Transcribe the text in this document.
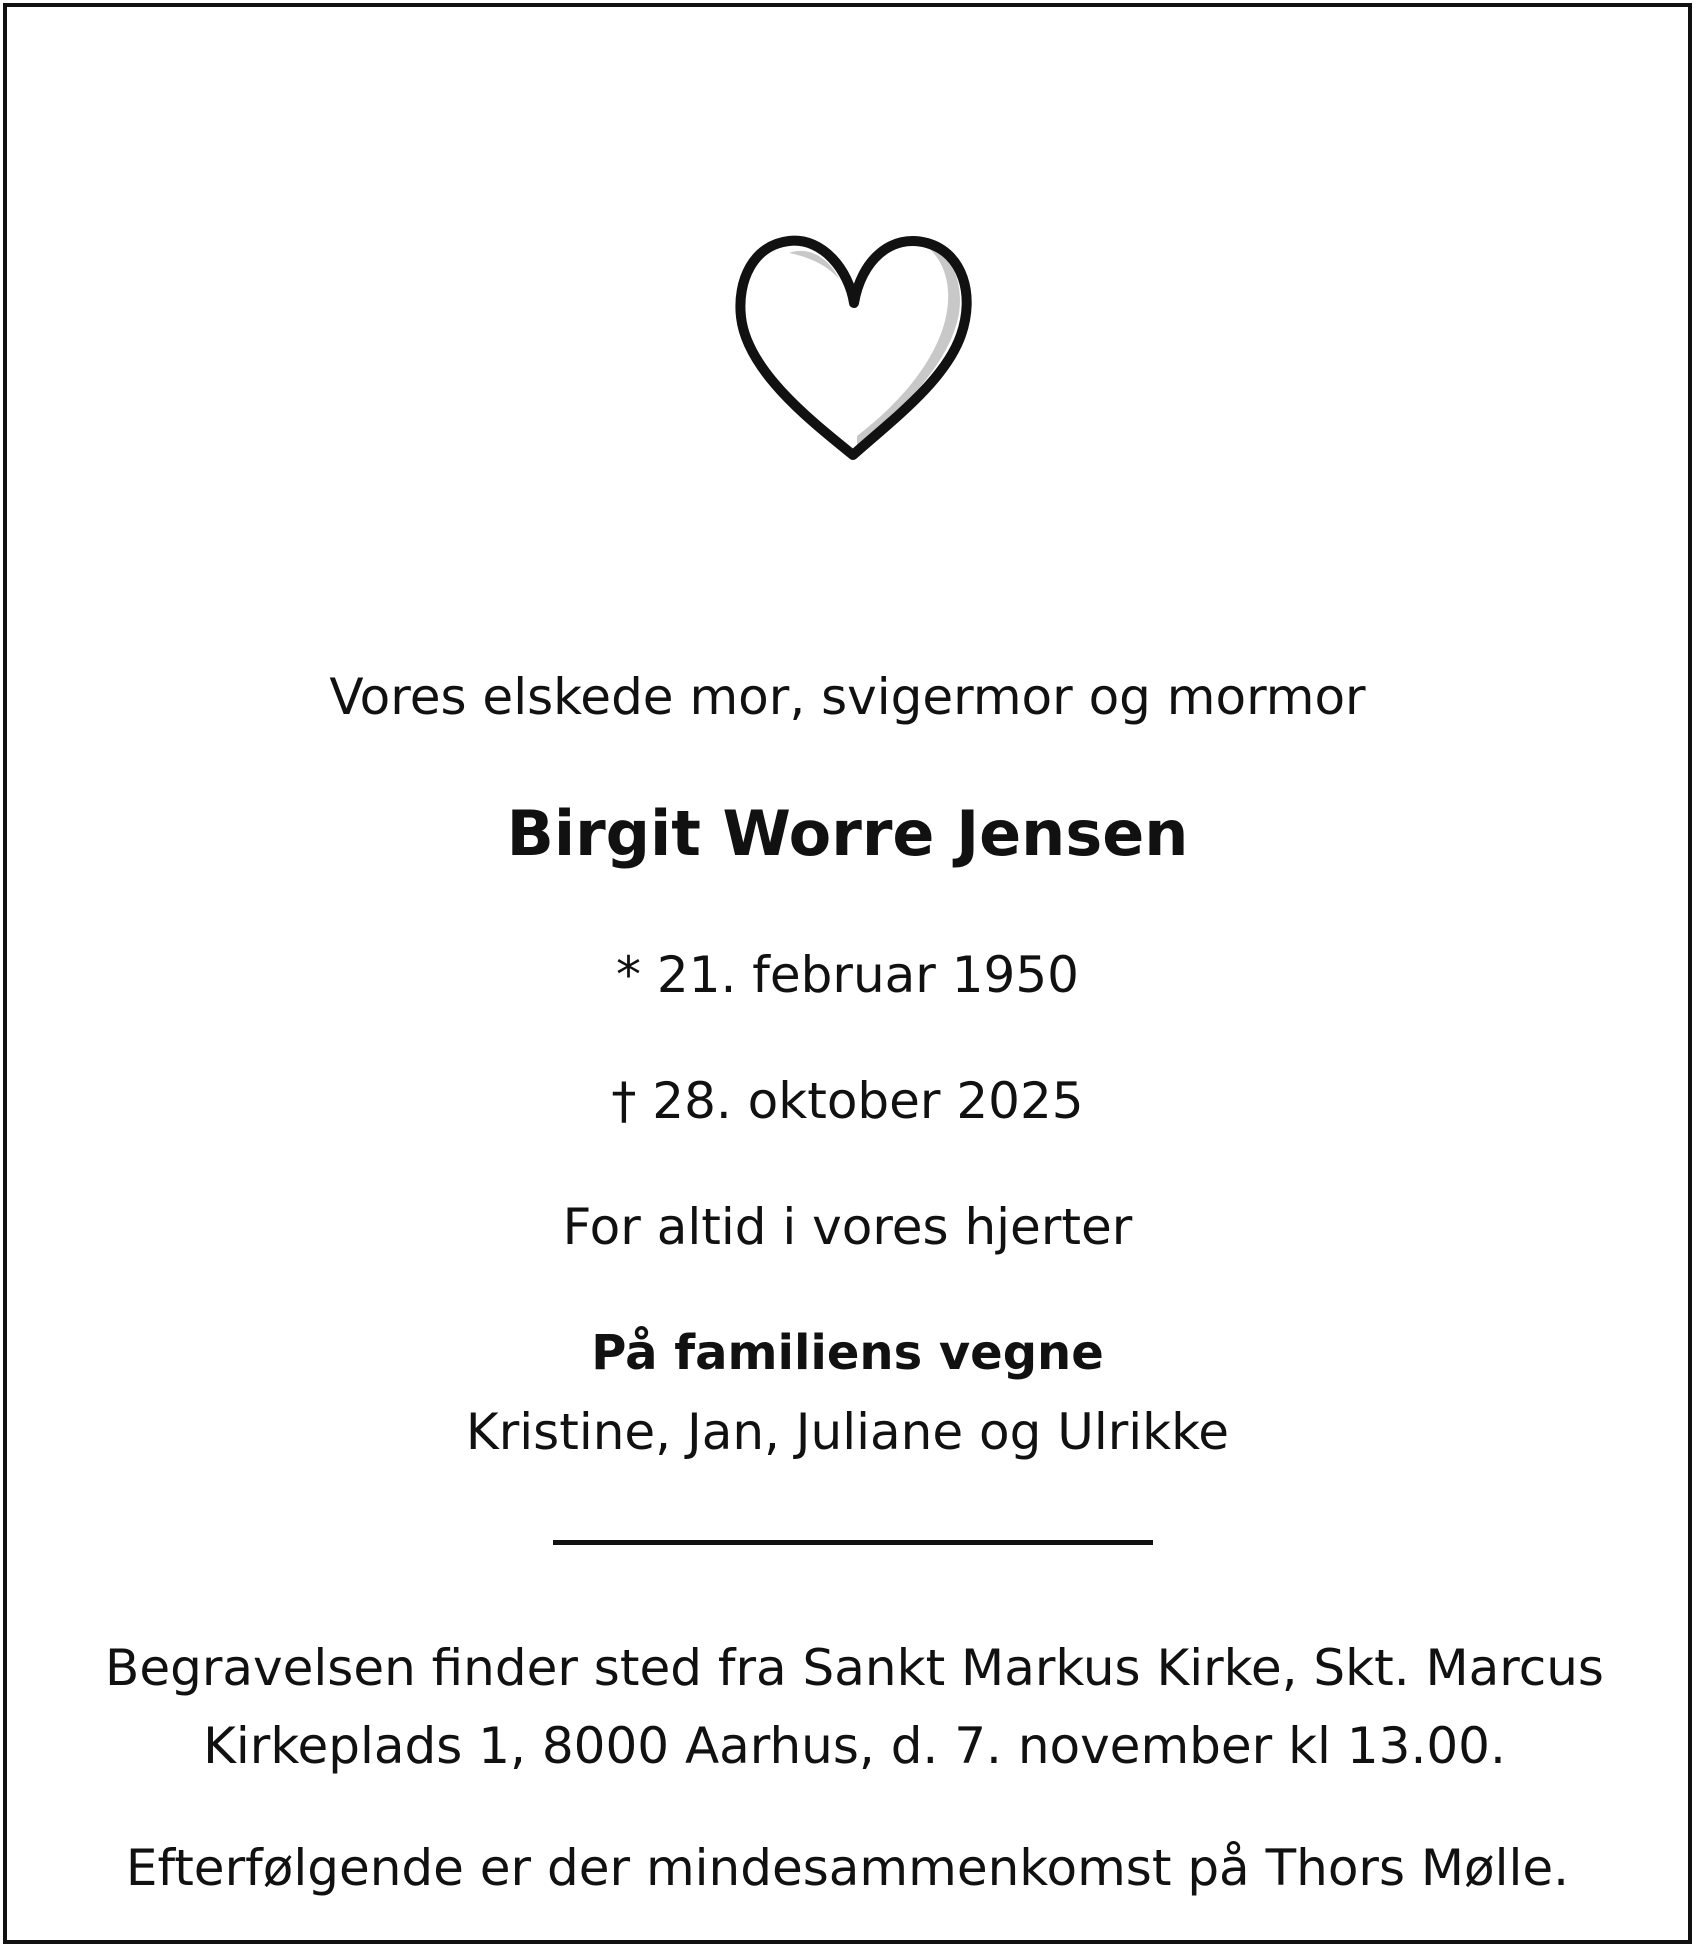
Vores elskede mor, svigermor og mormor
Birgit Worre Jensen
* 21. februar 1950
† 28. oktober 2025
For altid i vores hjerter
På familiens vegne
Kristine, Jan, Juliane og Ulrikke
Begravelsen finder sted fra Sankt Markus Kirke, Skt. Marcus
Kirkeplads 1, 8000 Aarhus, d. 7. november kl 13.00.
Efterfølgende er der mindesammenkomst på Thors Mølle.
